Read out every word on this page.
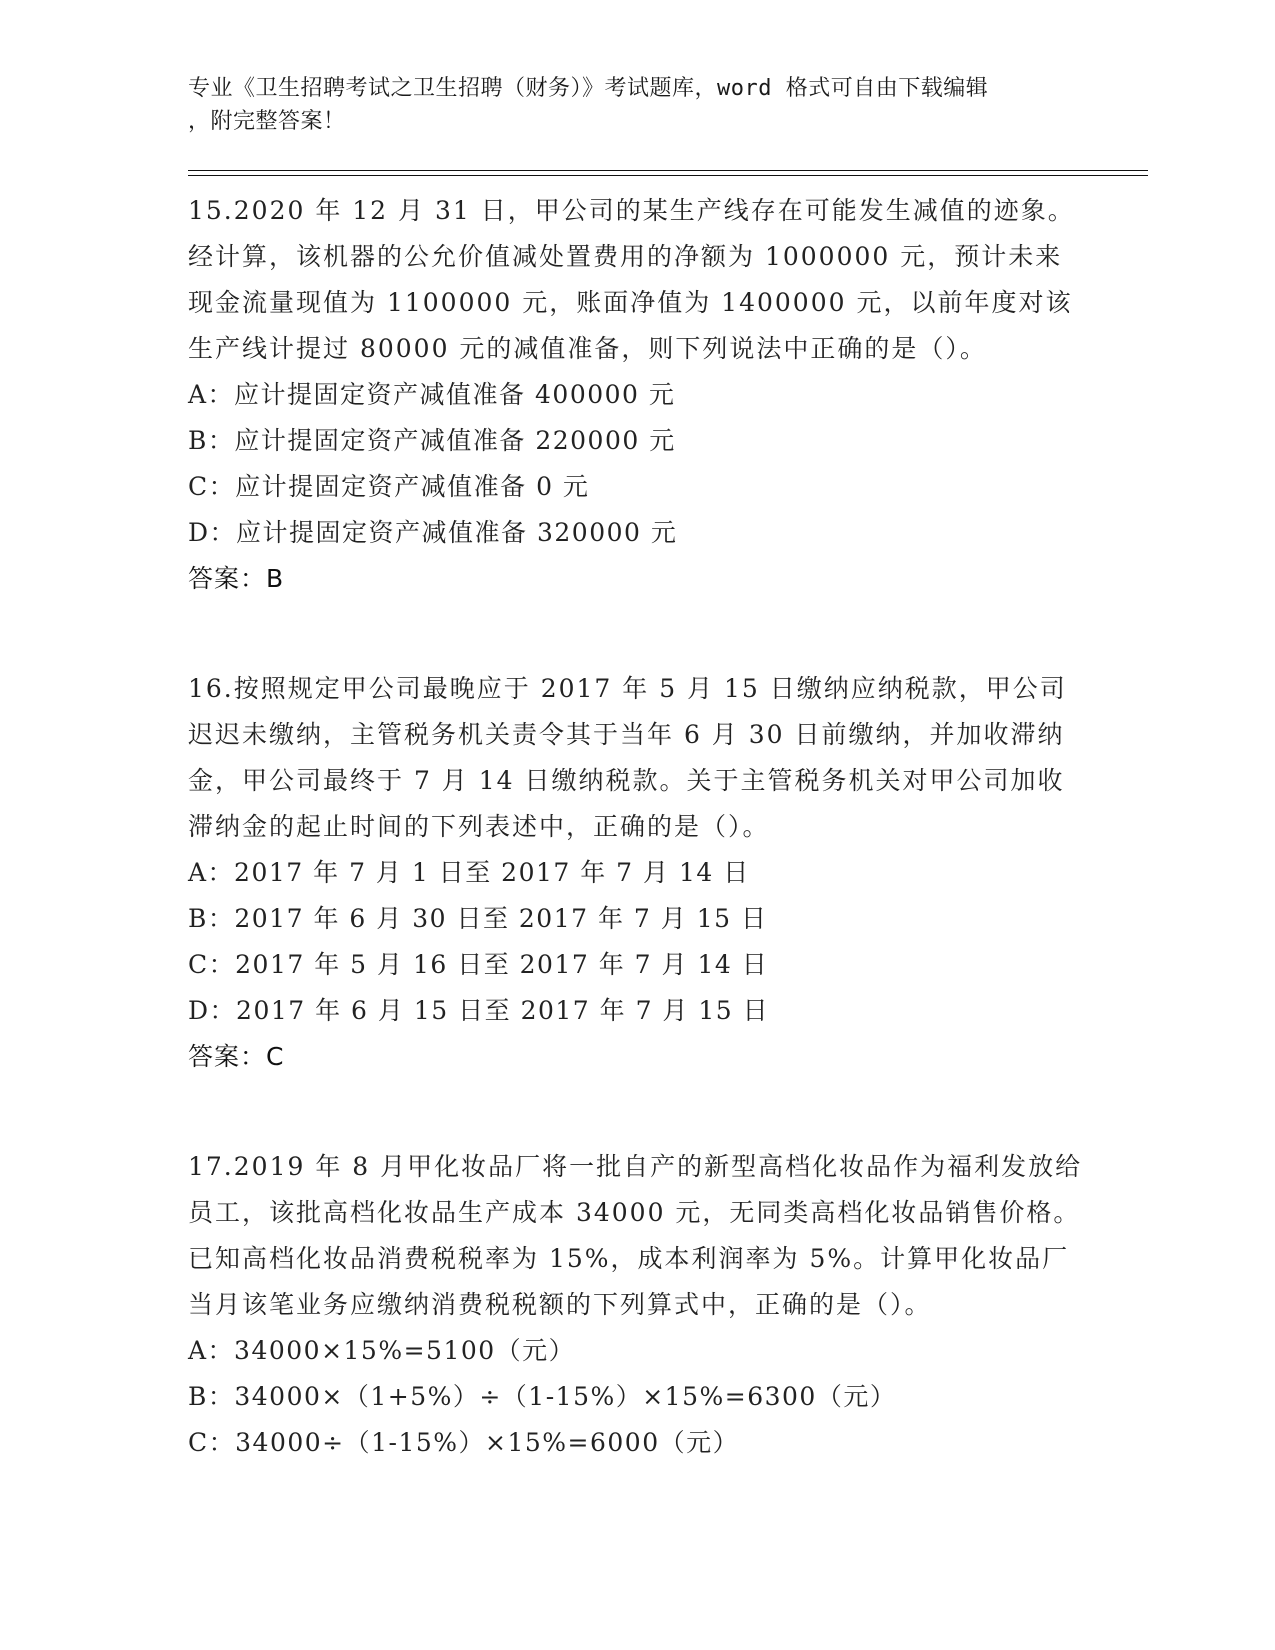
专业《卫生招聘考试之卫生招聘（财务）》考试题库，word 格式可自由下载编辑
，附完整答案！
15.2020 年 12 月 31 日，甲公司的某生产线存在可能发生减值的迹象。经计算，该机器的公允价值减处置费用的净额为 1000000 元，预计未来现金流量现值为 1100000 元，账面净值为 1400000 元，以前年度对该生产线计提过 80000 元的减值准备，则下列说法中正确的是（）。
A：应计提固定资产减值准备 400000 元
B：应计提固定资产减值准备 220000 元
C：应计提固定资产减值准备 0 元
D：应计提固定资产减值准备 320000 元
答案：B
16.按照规定甲公司最晚应于 2017 年 5 月 15 日缴纳应纳税款，甲公司迟迟未缴纳，主管税务机关责令其于当年 6 月 30 日前缴纳，并加收滞纳金，甲公司最终于 7 月 14 日缴纳税款。关于主管税务机关对甲公司加收滞纳金的起止时间的下列表述中，正确的是（）。
A：2017 年 7 月 1 日至 2017 年 7 月 14 日
B：2017 年 6 月 30 日至 2017 年 7 月 15 日
C：2017 年 5 月 16 日至 2017 年 7 月 14 日
D：2017 年 6 月 15 日至 2017 年 7 月 15 日
答案：C
17.2019 年 8 月甲化妆品厂将一批自产的新型高档化妆品作为福利发放给员工，该批高档化妆品生产成本 34000 元，无同类高档化妆品销售价格。已知高档化妆品消费税税率为 15%，成本利润率为 5%。计算甲化妆品厂当月该笔业务应缴纳消费税税额的下列算式中，正确的是（）。
A：34000×15%=5100（元）
B：34000×（1+5%）÷（1-15%）×15%=6300（元）
C：34000÷（1-15%）×15%=6000（元）
